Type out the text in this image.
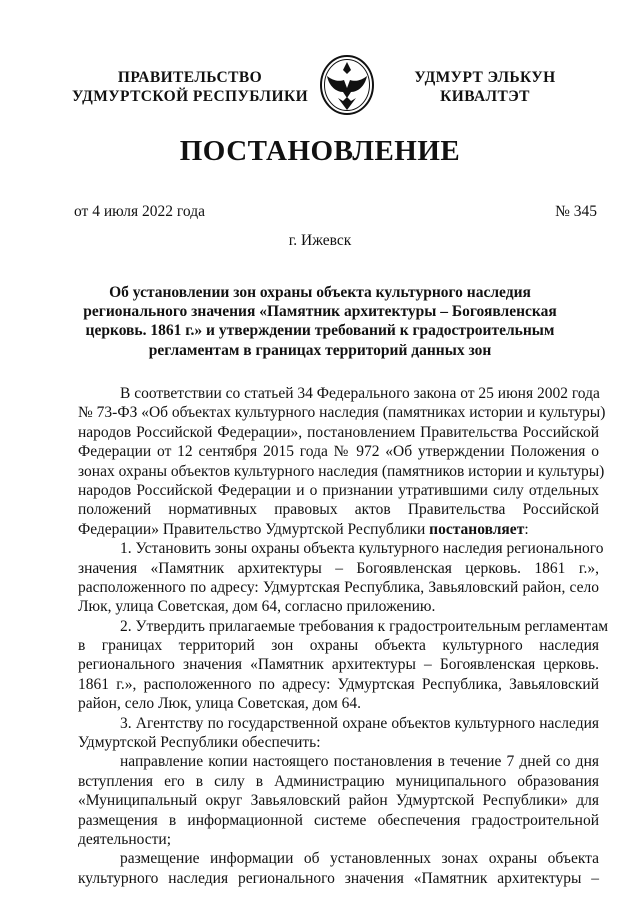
ПРАВИТЕЛЬСТВО
УДМУРТСКОЙ РЕСПУБЛИКИ
УДМУРТ ЭЛЬКУН
КИВАЛТЭТ
ПОСТАНОВЛЕНИЕ
от 4 июля 2022 года	№ 345
г. Ижевск
Об установлении зон охраны объекта культурного наследия
регионального значения «Памятник архитектуры – Богоявленская
церковь. 1861 г.» и утверждении требований к градостроительным
регламентам в границах территорий данных зон
В соответствии со статьей 34 Федерального закона от 25 июня 2002 года
№ 73-ФЗ «Об объектах культурного наследия (памятниках истории и культуры)
народов Российской Федерации», постановлением Правительства Российской
Федерации от 12 сентября 2015 года № 972 «Об утверждении Положения о
зонах охраны объектов культурного наследия (памятников истории и культуры)
народов Российской Федерации и о признании утратившими силу отдельных
положений нормативных правовых актов Правительства Российской
Федерации» Правительство Удмуртской Республики постановляет:
1. Установить зоны охраны объекта культурного наследия регионального
значения «Памятник архитектуры – Богоявленская церковь. 1861 г.»,
расположенного по адресу: Удмуртская Республика, Завьяловский район, село
Люк, улица Советская, дом 64, согласно приложению.
2. Утвердить прилагаемые требования к градостроительным регламентам
в границах территорий зон охраны объекта культурного наследия
регионального значения «Памятник архитектуры – Богоявленская церковь.
1861 г.», расположенного по адресу: Удмуртская Республика, Завьяловский
район, село Люк, улица Советская, дом 64.
3. Агентству по государственной охране объектов культурного наследия
Удмуртской Республики обеспечить:
направление копии настоящего постановления в течение 7 дней со дня
вступления его в силу в Администрацию муниципального образования
«Муниципальный округ Завьяловский район Удмуртской Республики» для
размещения в информационной системе обеспечения градостроительной
деятельности;
размещение информации об установленных зонах охраны объекта
культурного наследия регионального значения «Памятник архитектуры –
